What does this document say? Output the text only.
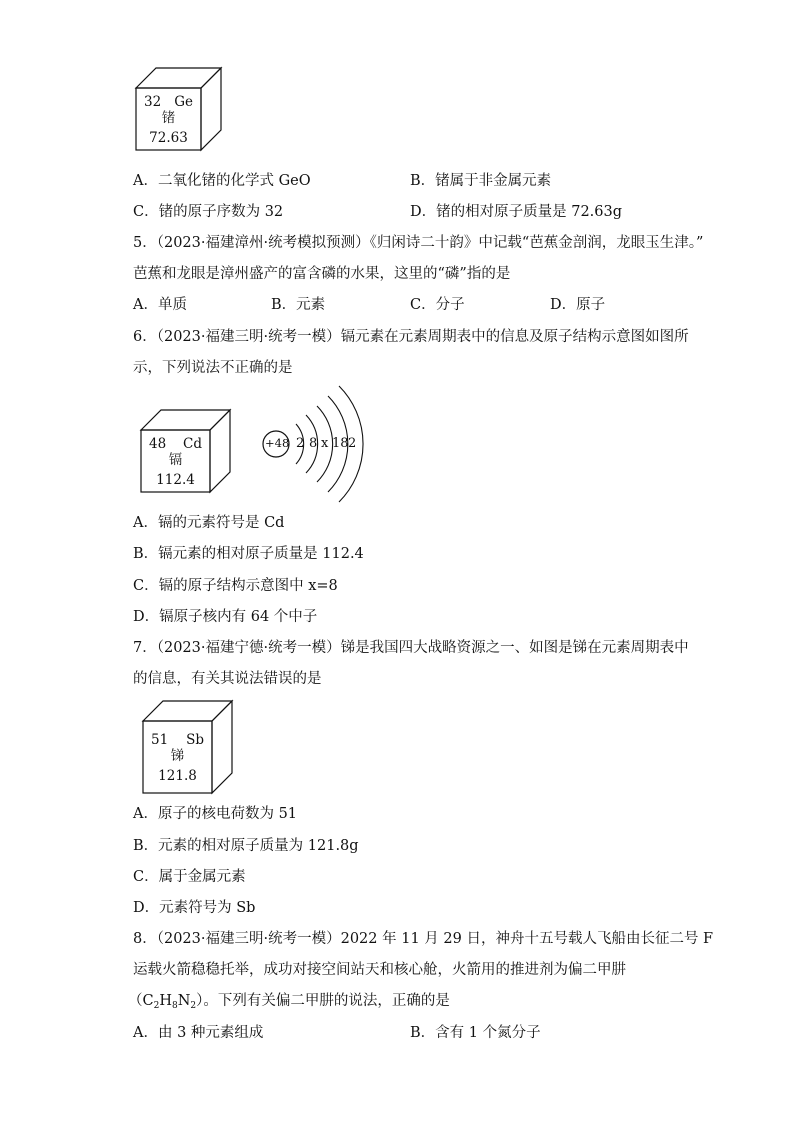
32 Ge
锗
72.63
A．二氧化锗的化学式 GeO	B．锗属于非金属元素
C．锗的原子序数为 32	D．锗的相对原子质量是 72.63g
5．（2023·福建漳州·统考模拟预测）《归闲诗二十韵》中记载“芭蕉金剖润，龙眼玉生津。”
芭蕉和龙眼是漳州盛产的富含磷的水果，这里的“磷”指的是
A．单质	B．元素	C．分子	D．原子
6．（2023·福建三明·统考一模）镉元素在元素周期表中的信息及原子结构示意图如图所
示，下列说法不正确的是
48 Cd
镉
112.4
+48 2 8 x 18 2
A．镉的元素符号是 Cd
B．镉元素的相对原子质量是 112.4
C．镉的原子结构示意图中 x=8
D．镉原子核内有 64 个中子
7．（2023·福建宁德·统考一模）锑是我国四大战略资源之一、如图是锑在元素周期表中
的信息，有关其说法错误的是
51 Sb
锑
121.8
A．原子的核电荷数为 51
B．元素的相对原子质量为 121.8g
C．属于金属元素
D．元素符号为 Sb
8．（2023·福建三明·统考一模）2022 年 11 月 29 日，神舟十五号载人飞船由长征二号 F
运载火箭稳稳托举，成功对接空间站天和核心舱，火箭用的推进剂为偏二甲肼
$(C_2H_8N_2)$。下列有关偏二甲肼的说法，正确的是
A．由 3 种元素组成	B．含有 1 个氮分子
